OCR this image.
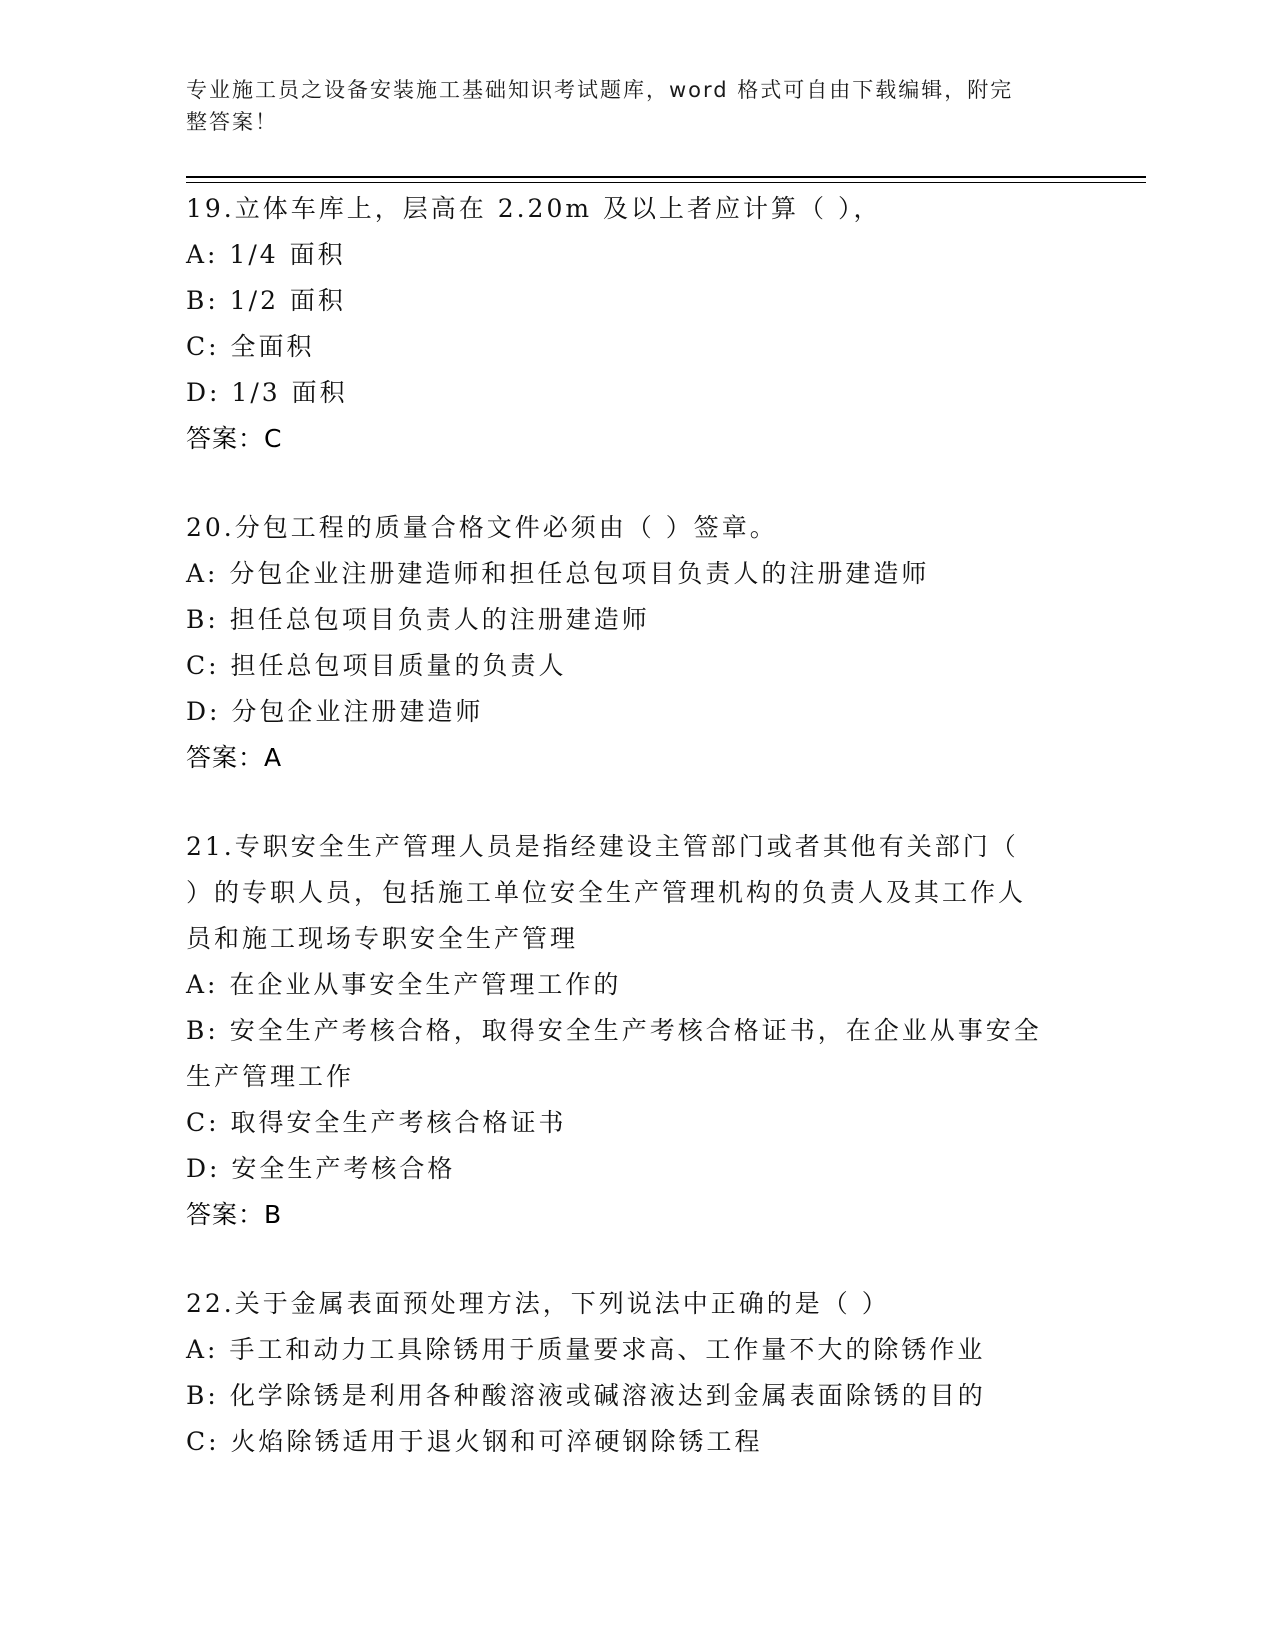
专业施工员之设备安装施工基础知识考试题库，word 格式可自由下载编辑，附完
整答案！
19.立体车库上，层高在 2.20m 及以上者应计算（ ），
A: 1/4 面积
B: 1/2 面积
C: 全面积
D: 1/3 面积
答案：C
20.分包工程的质量合格文件必须由（ ）签章。
A: 分包企业注册建造师和担任总包项目负责人的注册建造师
B: 担任总包项目负责人的注册建造师
C: 担任总包项目质量的负责人
D: 分包企业注册建造师
答案：A
21.专职安全生产管理人员是指经建设主管部门或者其他有关部门（
）的专职人员，包括施工单位安全生产管理机构的负责人及其工作人
员和施工现场专职安全生产管理
A: 在企业从事安全生产管理工作的
B: 安全生产考核合格，取得安全生产考核合格证书，在企业从事安全
生产管理工作
C: 取得安全生产考核合格证书
D: 安全生产考核合格
答案：B
22.关于金属表面预处理方法，下列说法中正确的是（ ）
A: 手工和动力工具除锈用于质量要求高、工作量不大的除锈作业
B: 化学除锈是利用各种酸溶液或碱溶液达到金属表面除锈的目的
C: 火焰除锈适用于退火钢和可淬硬钢除锈工程
